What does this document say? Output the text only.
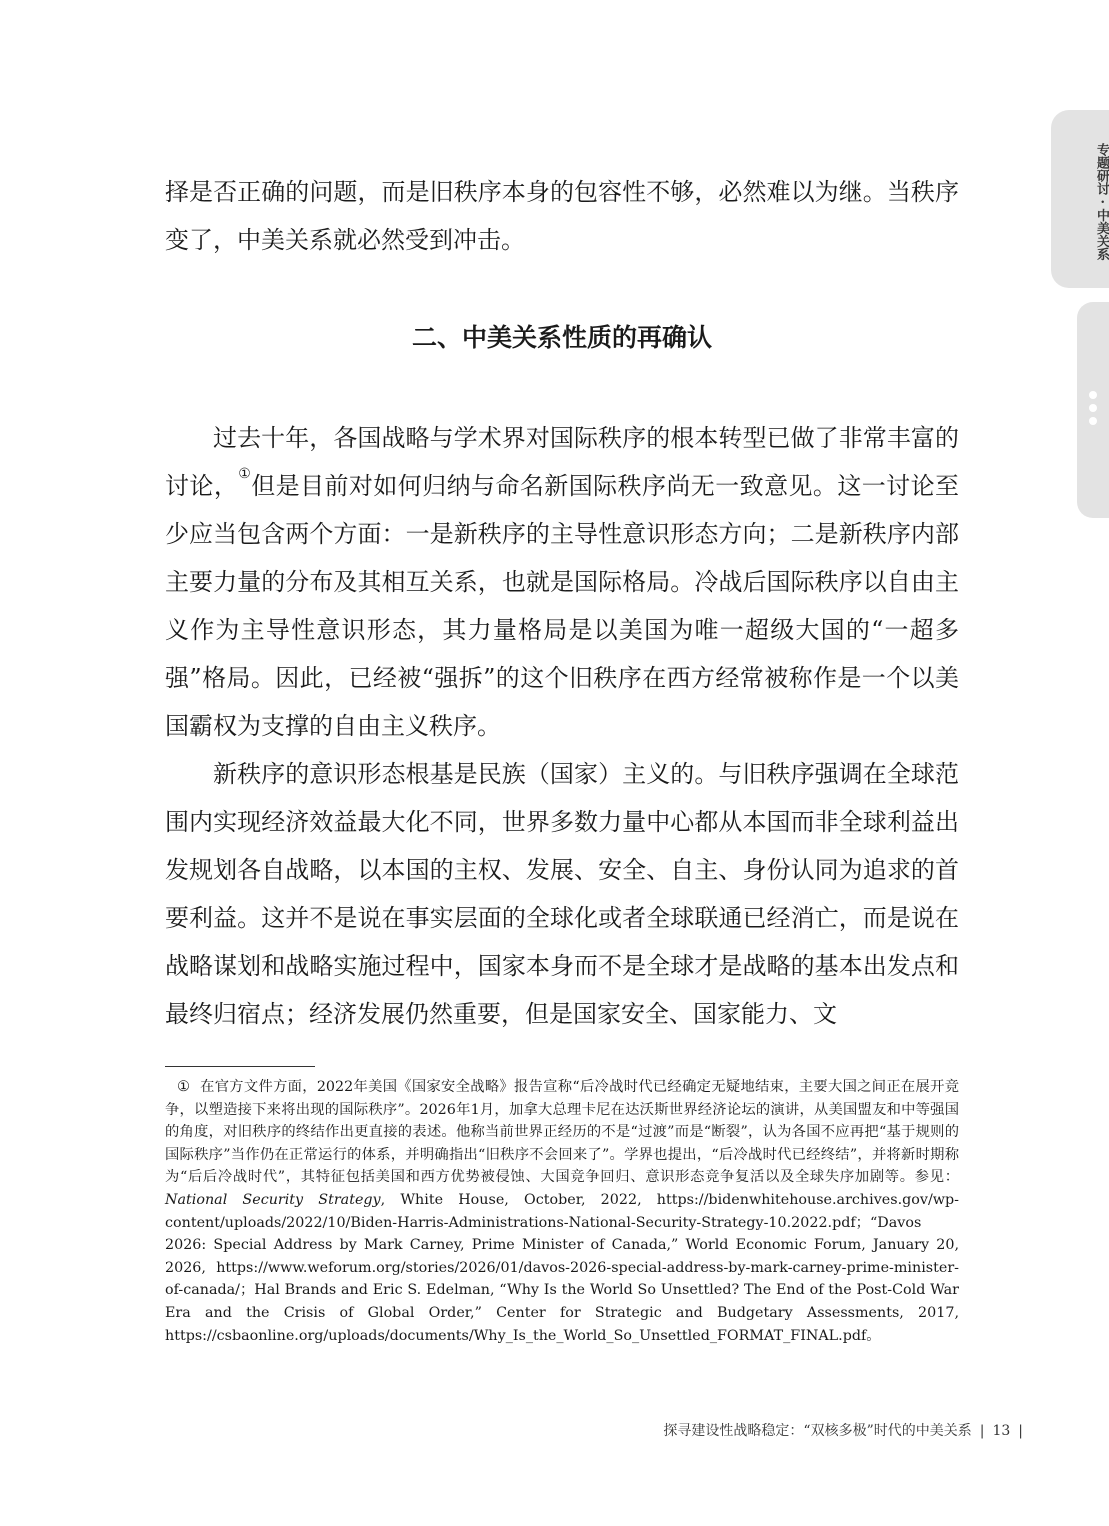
专题研讨 · 中美关系

择是否正确的问题，而是旧秩序本身的包容性不够，必然难以为继。当秩序变了，中美关系就必然受到冲击。

二、中美关系性质的再确认

过去十年，各国战略与学术界对国际秩序的根本转型已做了非常丰富的讨论，①但是目前对如何归纳与命名新国际秩序尚无一致意见。这一讨论至少应当包含两个方面：一是新秩序的主导性意识形态方向；二是新秩序内部主要力量的分布及其相互关系，也就是国际格局。冷战后国际秩序以自由主义作为主导性意识形态，其力量格局是以美国为唯一超级大国的“一超多强”格局。因此，已经被“强拆”的这个旧秩序在西方经常被称作是一个以美国霸权为支撑的自由主义秩序。

新秩序的意识形态根基是民族（国家）主义的。与旧秩序强调在全球范围内实现经济效益最大化不同，世界多数力量中心都从本国而非全球利益出发规划各自战略，以本国的主权、发展、安全、自主、身份认同为追求的首要利益。这并不是说在事实层面的全球化或者全球联通已经消亡，而是说在战略谋划和战略实施过程中，国家本身而不是全球才是战略的基本出发点和最终归宿点；经济发展仍然重要，但是国家安全、国家能力、文

① 在官方文件方面，2022年美国《国家安全战略》报告宣称“后冷战时代已经确定无疑地结束，主要大国之间正在展开竞争，以塑造接下来将出现的国际秩序”。2026年1月，加拿大总理卡尼在达沃斯世界经济论坛的演讲，从美国盟友和中等强国的角度，对旧秩序的终结作出更直接的表述。他称当前世界正经历的不是“过渡”而是“断裂”，认为各国不应再把“基于规则的国际秩序”当作仍在正常运行的体系，并明确指出“旧秩序不会回来了”。学界也提出，“后冷战时代已经终结”，并将新时期称为“后后冷战时代”，其特征包括美国和西方优势被侵蚀、大国竞争回归、意识形态竞争复活以及全球失序加剧等。参见：National Security Strategy, White House, October, 2022, https://bidenwhitehouse.archives.gov/wp-content/uploads/2022/10/Biden-Harris-Administrations-National-Security-Strategy-10.2022.pdf；“Davos 2026: Special Address by Mark Carney, Prime Minister of Canada,” World Economic Forum, January 20, 2026, https://www.weforum.org/stories/2026/01/davos-2026-special-address-by-mark-carney-prime-minister-of-canada/；Hal Brands and Eric S. Edelman, “Why Is the World So Unsettled? The End of the Post-Cold War Era and the Crisis of Global Order,” Center for Strategic and Budgetary Assessments, 2017, https://csbaonline.org/uploads/documents/Why_Is_the_World_So_Unsettled_FORMAT_FINAL.pdf。
探寻建设性战略稳定：“双核多极”时代的中美关系 | 13 |
